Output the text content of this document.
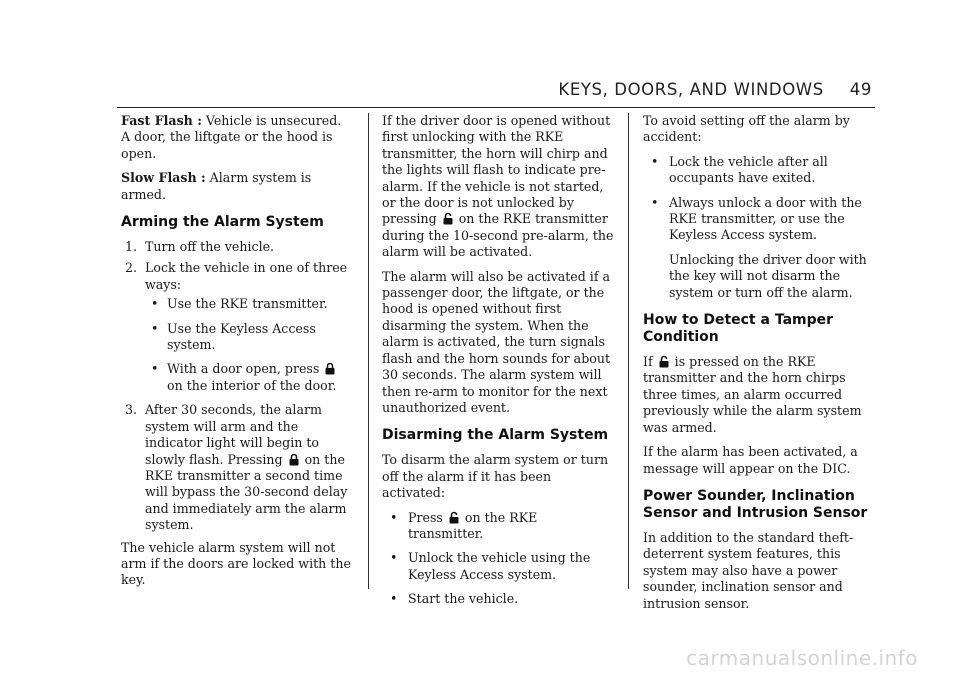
KEYS, DOORS, AND WINDOWS 49

Fast Flash : Vehicle is unsecured. A door, the liftgate or the hood is open.

Slow Flash : Alarm system is armed.

Arming the Alarm System
1. Turn off the vehicle.
2. Lock the vehicle in one of three ways:
• Use the RKE transmitter.
• Use the Keyless Access system.
• With a door open, press  on the interior of the door.
3. After 30 seconds, the alarm system will arm and the indicator light will begin to slowly flash. Pressing on the RKE transmitter a second time will bypass the 30-second delay and immediately arm the alarm system.

The vehicle alarm system will not arm if the doors are locked with the key.

If the driver door is opened without first unlocking with the RKE transmitter, the horn will chirp and the lights will flash to indicate pre-alarm. If the vehicle is not started, or the door is not unlocked by pressing on the RKE transmitter during the 10-second pre-alarm, the alarm will be activated.

The alarm will also be activated if a passenger door, the liftgate, or the hood is opened without first disarming the system. When the alarm is activated, the turn signals flash and the horn sounds for about 30 seconds. The alarm system will then re-arm to monitor for the next unauthorized event.

Disarming the Alarm System

To disarm the alarm system or turn off the alarm if it has been activated:

• Press on the RKE transmitter.
• Unlock the vehicle using the Keyless Access system.
• Start the vehicle.

To avoid setting off the alarm by accident:

• Lock the vehicle after all occupants have exited.
• Always unlock a door with the RKE transmitter, or use the Keyless Access system.

Unlocking the driver door with the key will not disarm the system or turn off the alarm.

How to Detect a Tamper Condition

If is pressed on the RKE transmitter and the horn chirps three times, an alarm occurred previously while the alarm system was armed.

If the alarm has been activated, a message will appear on the DIC.

Power Sounder, Inclination Sensor and Intrusion Sensor

In addition to the standard theft-deterrent system features, this system may also have a power sounder, inclination sensor and intrusion sensor.

carmanualsonline.info
